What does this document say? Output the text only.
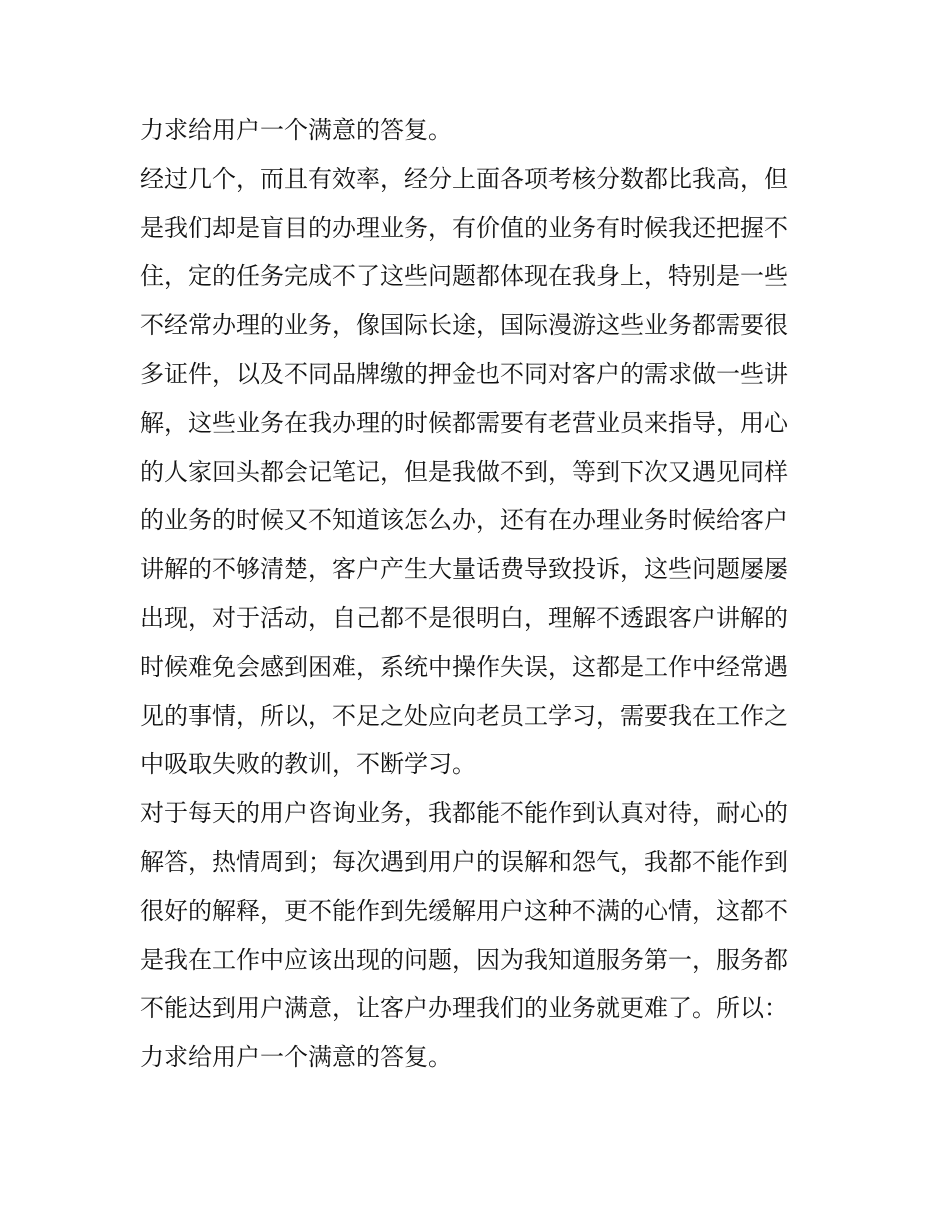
力求给用户一个满意的答复。
经过几个，而且有效率，经分上面各项考核分数都比我高，但
是我们却是盲目的办理业务，有价值的业务有时候我还把握不
住，定的任务完成不了这些问题都体现在我身上，特别是一些
不经常办理的业务，像国际长途，国际漫游这些业务都需要很
多证件，以及不同品牌缴的押金也不同对客户的需求做一些讲
解，这些业务在我办理的时候都需要有老营业员来指导，用心
的人家回头都会记笔记，但是我做不到，等到下次又遇见同样
的业务的时候又不知道该怎么办，还有在办理业务时候给客户
讲解的不够清楚，客户产生大量话费导致投诉，这些问题屡屡
出现，对于活动，自己都不是很明白，理解不透跟客户讲解的
时候难免会感到困难，系统中操作失误，这都是工作中经常遇
见的事情，所以，不足之处应向老员工学习，需要我在工作之
中吸取失败的教训，不断学习。
对于每天的用户咨询业务，我都能不能作到认真对待，耐心的
解答，热情周到；每次遇到用户的误解和怨气，我都不能作到
很好的解释，更不能作到先缓解用户这种不满的心情，这都不
是我在工作中应该出现的问题，因为我知道服务第一，服务都
不能达到用户满意，让客户办理我们的业务就更难了。所以：
力求给用户一个满意的答复。
